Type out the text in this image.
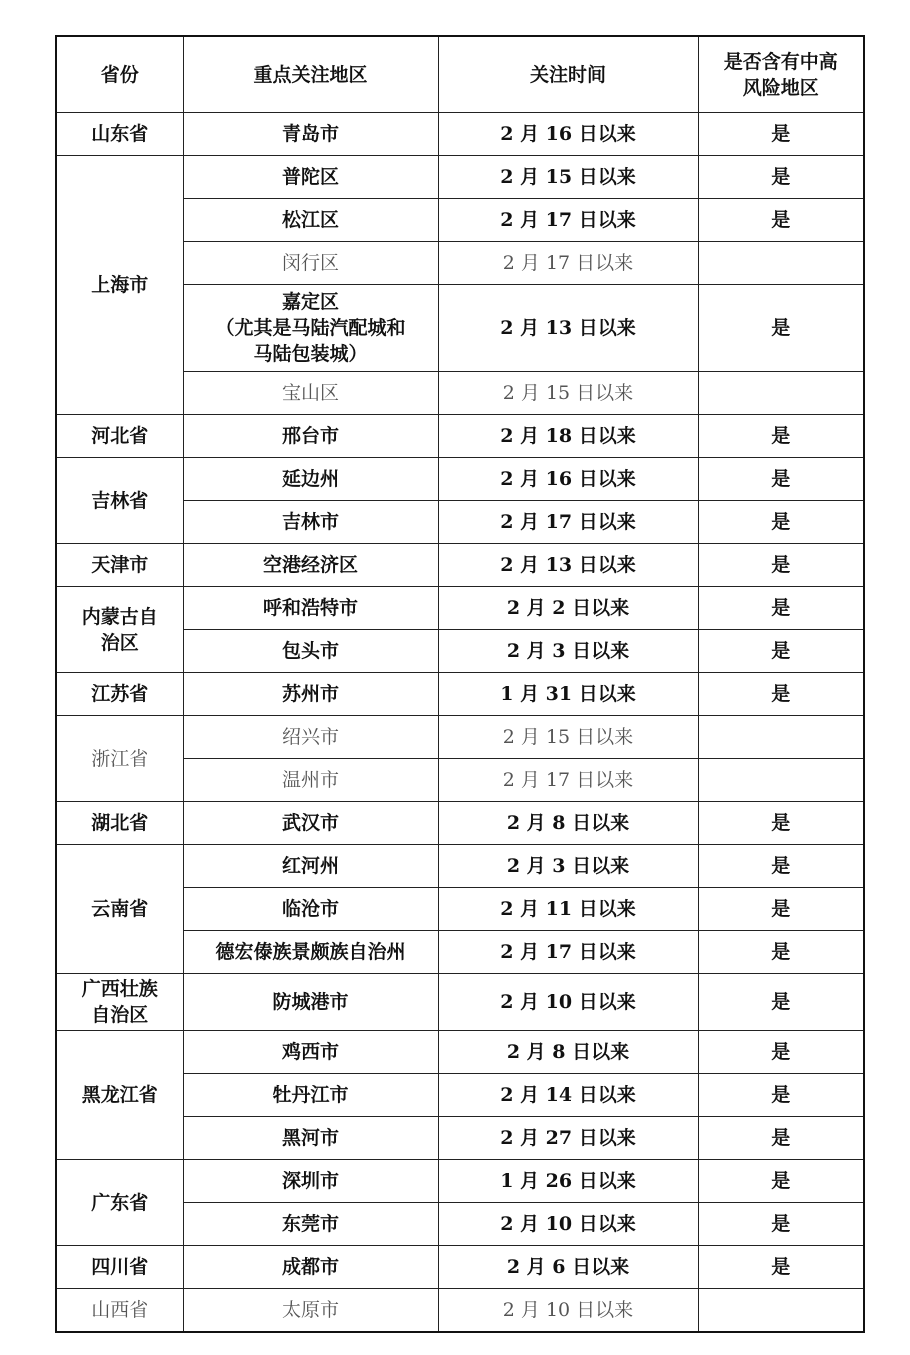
省份	重点关注地区	关注时间	是否含有中高
风险地区
山东省	青岛市	2 月 16 日以来	是
上海市	普陀区	2 月 15 日以来	是
	松江区	2 月 17 日以来	是
	闵行区	2 月 17 日以来	
	嘉定区
（尤其是马陆汽配城和
马陆包装城）	2 月 13 日以来	是
	宝山区	2 月 15 日以来	
河北省	邢台市	2 月 18 日以来	是
吉林省	延边州	2 月 16 日以来	是
	吉林市	2 月 17 日以来	是
天津市	空港经济区	2 月 13 日以来	是
内蒙古自
治区	呼和浩特市	2 月 2 日以来	是
	包头市	2 月 3 日以来	是
江苏省	苏州市	1 月 31 日以来	是
浙江省	绍兴市	2 月 15 日以来	
	温州市	2 月 17 日以来	
湖北省	武汉市	2 月 8 日以来	是
云南省	红河州	2 月 3 日以来	是
	临沧市	2 月 11 日以来	是
	德宏傣族景颇族自治州	2 月 17 日以来	是
广西壮族
自治区	防城港市	2 月 10 日以来	是
黑龙江省	鸡西市	2 月 8 日以来	是
	牡丹江市	2 月 14 日以来	是
	黑河市	2 月 27 日以来	是
广东省	深圳市	1 月 26 日以来	是
	东莞市	2 月 10 日以来	是
四川省	成都市	2 月 6 日以来	是
山西省	太原市	2 月 10 日以来	
